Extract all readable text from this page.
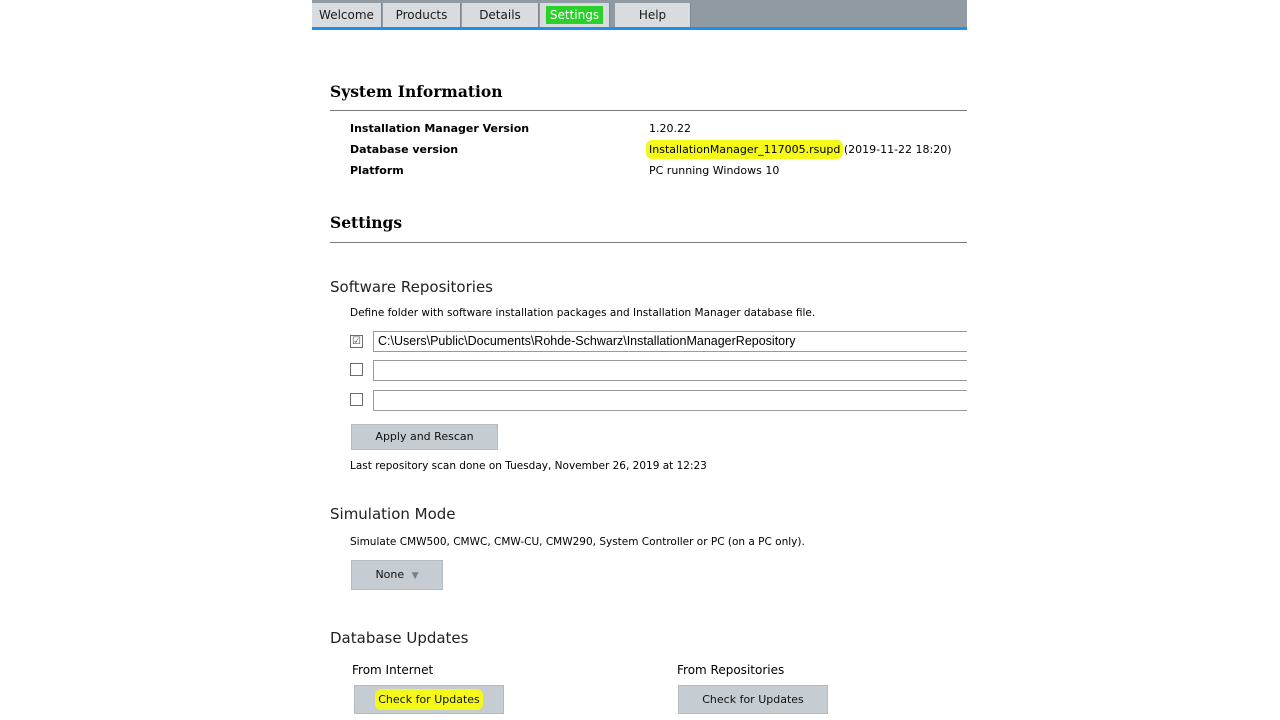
Welcome	Products	Details	Settings	Help
System Information
Installation Manager Version	1.20.22
Database version	InstallationManager_117005.rsupd (2019-11-22 18:20)
Platform	PC running Windows 10
Settings
Software Repositories
Define folder with software installation packages and Installation Manager database file.
☑	C:\Users\Public\Documents\Rohde-Schwarz\InstallationManagerRepository
Apply and Rescan
Last repository scan done on Tuesday, November 26, 2019 at 12:23
Simulation Mode
Simulate CMW500, CMWC, CMW-CU, CMW290, System Controller or PC (on a PC only).
None ▼
Database Updates
From Internet
Check for Updates
From Repositories
Check for Updates
